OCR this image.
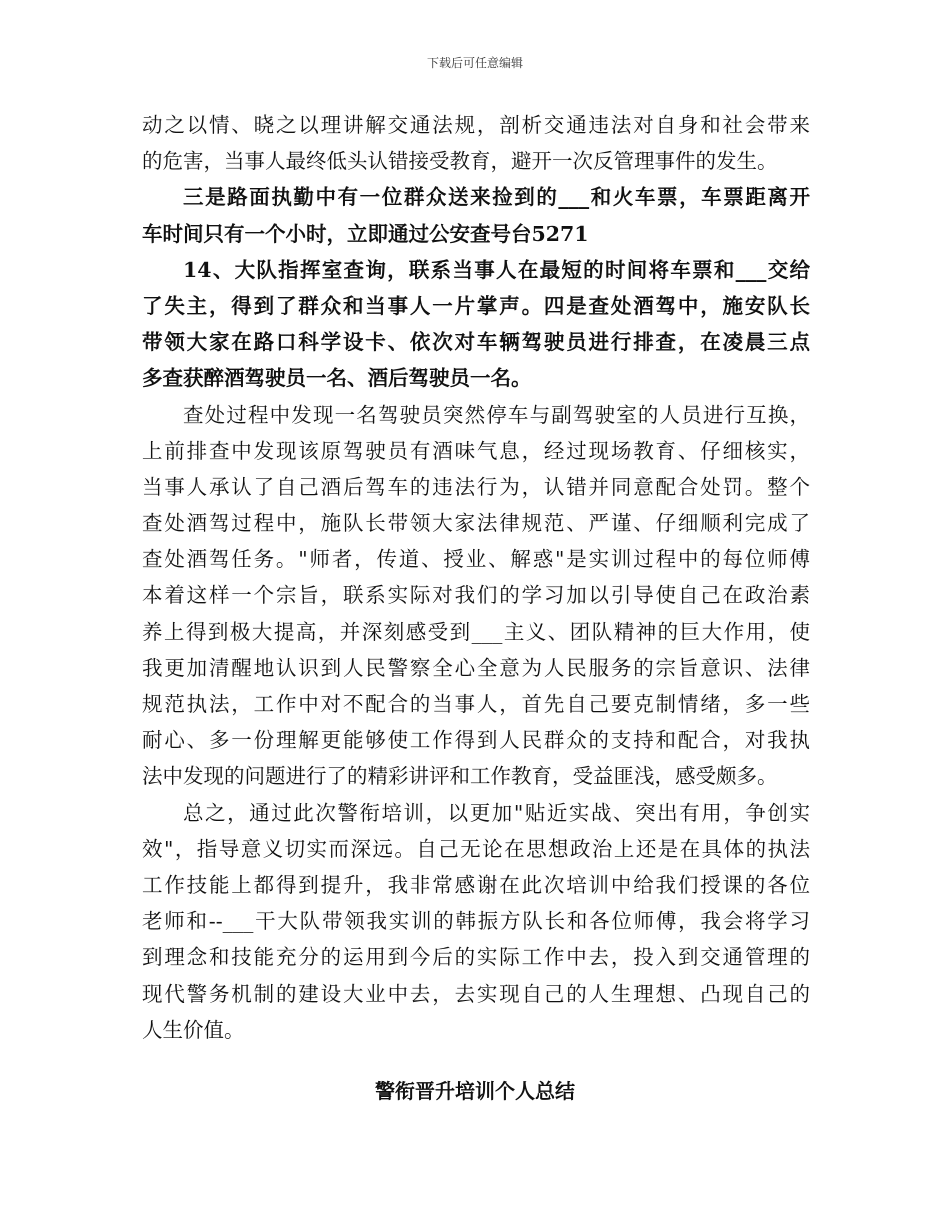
下载后可任意编辑
动之以情、晓之以理讲解交通法规，剖析交通违法对自身和社会带来
的危害，当事人最终低头认错接受教育，避开一次反管理事件的发生。
三是路面执勤中有一位群众送来捡到的___和火车票，车票距离开
车时间只有一个小时，立即通过公安查号台5271
14、大队指挥室查询，联系当事人在最短的时间将车票和___交给
了失主，得到了群众和当事人一片掌声。四是查处酒驾中，施安队长
带领大家在路口科学设卡、依次对车辆驾驶员进行排查，在凌晨三点
多查获醉酒驾驶员一名、酒后驾驶员一名。
查处过程中发现一名驾驶员突然停车与副驾驶室的人员进行互换，
上前排查中发现该原驾驶员有酒味气息，经过现场教育、仔细核实，
当事人承认了自己酒后驾车的违法行为，认错并同意配合处罚。整个
查处酒驾过程中，施队长带领大家法律规范、严谨、仔细顺利完成了
查处酒驾任务。"师者，传道、授业、解惑"是实训过程中的每位师傅
本着这样一个宗旨，联系实际对我们的学习加以引导使自己在政治素
养上得到极大提高，并深刻感受到___主义、团队精神的巨大作用，使
我更加清醒地认识到人民警察全心全意为人民服务的宗旨意识、法律
规范执法，工作中对不配合的当事人，首先自己要克制情绪，多一些
耐心、多一份理解更能够使工作得到人民群众的支持和配合，对我执
法中发现的问题进行了的精彩讲评和工作教育，受益匪浅，感受颇多。
总之，通过此次警衔培训，以更加"贴近实战、突出有用，争创实
效"，指导意义切实而深远。自己无论在思想政治上还是在具体的执法
工作技能上都得到提升，我非常感谢在此次培训中给我们授课的各位
老师和--___干大队带领我实训的韩振方队长和各位师傅，我会将学习
到理念和技能充分的运用到今后的实际工作中去，投入到交通管理的
现代警务机制的建设大业中去，去实现自己的人生理想、凸现自己的
人生价值。
警衔晋升培训个人总结
